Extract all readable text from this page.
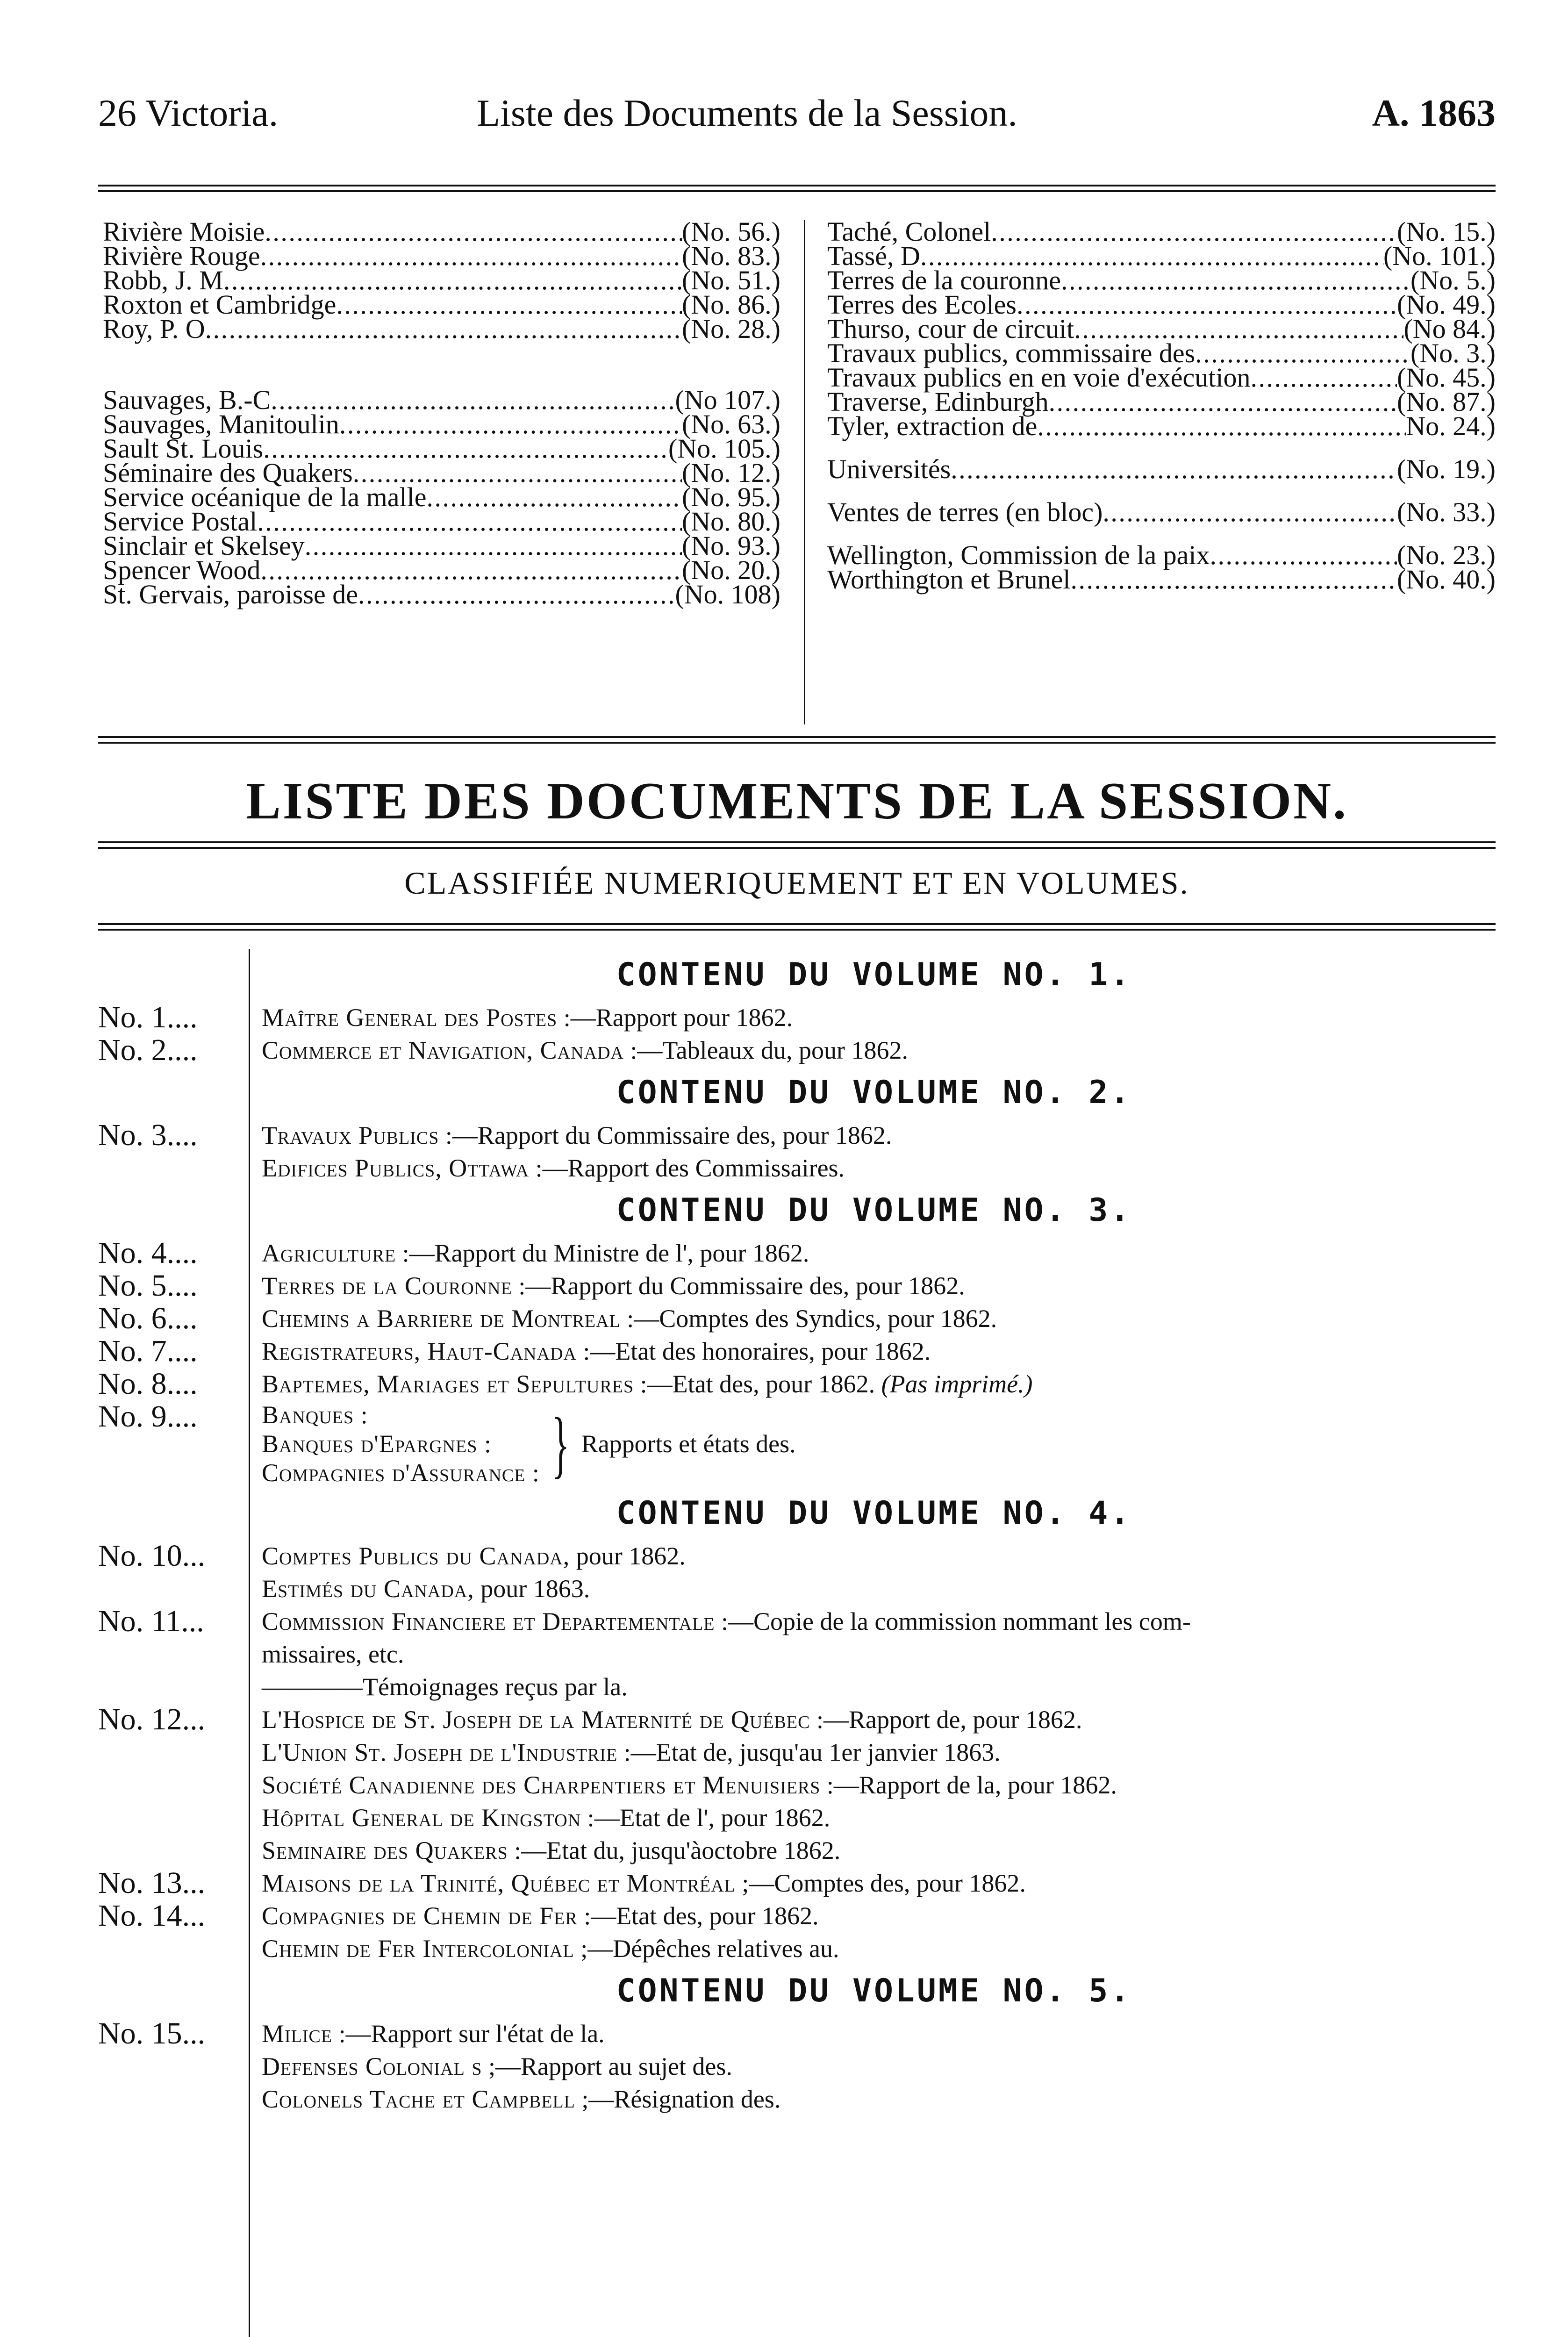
26 Victoria.	Liste des Documents de la Session.	A. 1863
Rivière Moisie . . .	(No. 56.)
Rivière Rouge . . .	(No. 83.)
Robb, J. M . . .	(No. 51.)
Roxton et Cambridge . . .	(No. 86.)
Roy, P. O . . .	(No. 28.)
Sauvages, B.-C . . .	(No 107.)
Sauvages, Manitoulin . . .	(No. 63.)
Sault St. Louis . . .	(No. 105.)
Séminaire des Quakers . . .	(No. 12.)
Service océanique de la malle . . .	(No. 95.)
Service Postal . . .	(No. 80.)
Sinclair et Skelsey . . .	(No. 93.)
Spencer Wood . . .	(No. 20.)
St. Gervais, paroisse de . . .	(No. 108)
Taché, Colonel . . .	(No. 15.)
Tassé, D . . .	(No. 101.)
Terres de la couronne . . .	(No. 5.)
Terres des Ecoles . . .	(No. 49.)
Thurso, cour de circuit . . .	(No 84.)
Travaux publics, commissaire des . . .	(No. 3.)
Travaux publics en en voie d'exécution . . .	(No. 45.)
Traverse, Edinburgh . . .	(No. 87.)
Tyler, extraction de . . .	No. 24.)
Universités . . .	(No. 19.)
Ventes de terres (en bloc) . . .	(No. 33.)
Wellington, Commission de la paix . . .	(No. 23.)
Worthington et Brunel . . .	(No. 40.)
LISTE DES DOCUMENTS DE LA SESSION.
CLASSIFIÉE NUMERIQUEMENT ET EN VOLUMES.
CONTENU DU VOLUME NO. 1.
No. 1....	Maître General des Postes :—Rapport pour 1862.
No. 2....	Commerce et Navigation, Canada :—Tableaux du, pour 1862.
CONTENU DU VOLUME NO. 2.
No. 3....	Travaux Publics :—Rapport du Commissaire des, pour 1862.
Edifices Publics, Ottawa :—Rapport des Commissaires.
CONTENU DU VOLUME NO. 3.
No. 4....	Agriculture :—Rapport du Ministre de l', pour 1862.
No. 5....	Terres de la Couronne :—Rapport du Commissaire des, pour 1862.
No. 6....	Chemins a Barriere de Montreal :—Comptes des Syndics, pour 1862.
No. 7....	Registrateurs, Haut-Canada :—Etat des honoraires, pour 1862.
No. 8....	Baptemes, Mariages et Sepultures :—Etat des, pour 1862. (Pas imprimé.)
No. 9....	Banques :
Banques d'Epargnes :
Compagnies d'Assurance : } Rapports et états des.
CONTENU DU VOLUME NO. 4.
No. 10...	Comptes Publics du Canada, pour 1862.
Estimés du Canada, pour 1863.
No. 11...	Commission Financiere et Departementale :—Copie de la commission nommant les com-
missaires, etc.
————Témoignages reçus par la.
No. 12...	L'Hospice de St. Joseph de la Maternité de Québec :—Rapport de, pour 1862.
L'Union St. Joseph de l'Industrie :—Etat de, jusqu'au 1er janvier 1863.
Société Canadienne des Charpentiers et Menuisiers :—Rapport de la, pour 1862.
Hôpital General de Kingston :—Etat de l', pour 1862.
Seminaire des Quakers :—Etat du, jusqu'àoctobre 1862.
No. 13...	Maisons de la Trinité, Québec et Montréal ;—Comptes des, pour 1862.
No. 14...	Compagnies de Chemin de Fer :—Etat des, pour 1862.
Chemin de Fer Intercolonial ;—Dépêches relatives au.
CONTENU DU VOLUME NO. 5.
No. 15...	Milice :—Rapport sur l'état de la.
Defenses Colonial s ;—Rapport au sujet des.
Colonels Tache et Campbell ;—Résignation des.
